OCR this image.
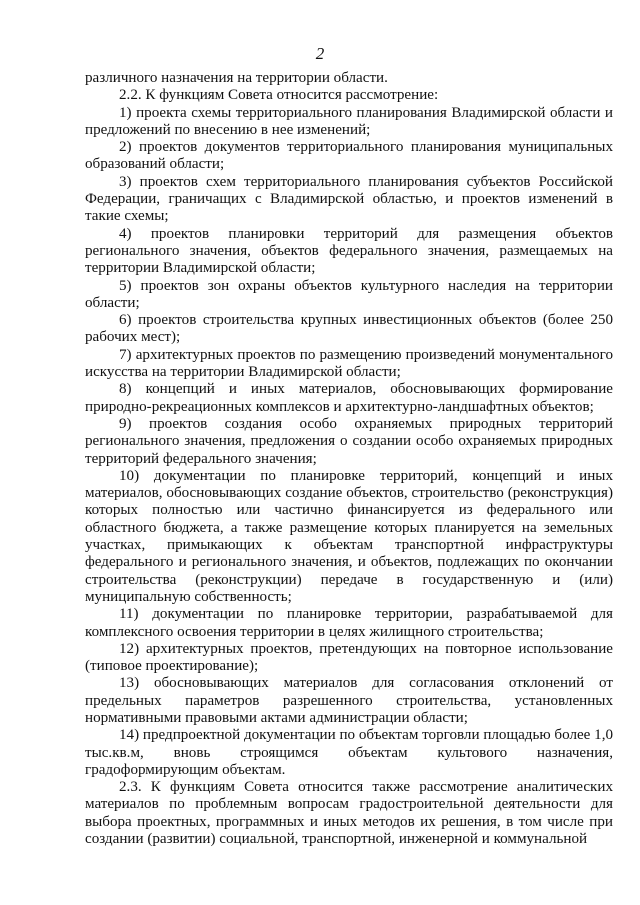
2

различного назначения на территории области.

2.2. К функциям Совета относится рассмотрение:

1) проекта схемы территориального планирования Владимирской области и предложений по внесению в нее изменений;

2) проектов документов территориального планирования муниципальных образований области;

3) проектов схем территориального планирования субъектов Российской Федерации, граничащих с Владимирской областью, и проектов изменений в такие схемы;

4) проектов планировки территорий для размещения объектов регионального значения, объектов федерального значения, размещаемых на территории Владимирской области;

5) проектов зон охраны объектов культурного наследия на территории области;

6) проектов строительства крупных инвестиционных объектов (более 250 рабочих мест);

7) архитектурных проектов по размещению произведений монументального искусства на территории Владимирской области;

8) концепций и иных материалов, обосновывающих формирование природно-рекреационных комплексов и архитектурно-ландшафтных объектов;

9) проектов создания особо охраняемых природных территорий регионального значения, предложения о создании особо охраняемых природных территорий федерального значения;

10) документации по планировке территорий, концепций и иных материалов, обосновывающих создание объектов, строительство (реконструкция) которых полностью или частично финансируется из федерального или областного бюджета, а также размещение которых планируется на земельных участках, примыкающих к объектам транспортной инфраструктуры федерального и регионального значения, и объектов, подлежащих по окончании строительства (реконструкции) передаче в государственную и (или) муниципальную собственность;

11) документации по планировке территории, разрабатываемой для комплексного освоения территории в целях жилищного строительства;

12) архитектурных проектов, претендующих на повторное использование (типовое проектирование);

13) обосновывающих материалов для согласования отклонений от предельных параметров разрешенного строительства, установленных нормативными правовыми актами администрации области;

14) предпроектной документации по объектам торговли площадью более 1,0 тыс.кв.м, вновь строящимся объектам культового назначения, градоформирующим объектам.

2.3. К функциям Совета относится также рассмотрение аналитических материалов по проблемным вопросам градостроительной деятельности для выбора проектных, программных и иных методов их решения, в том числе при создании (развитии) социальной, транспортной, инженерной и коммунальной
